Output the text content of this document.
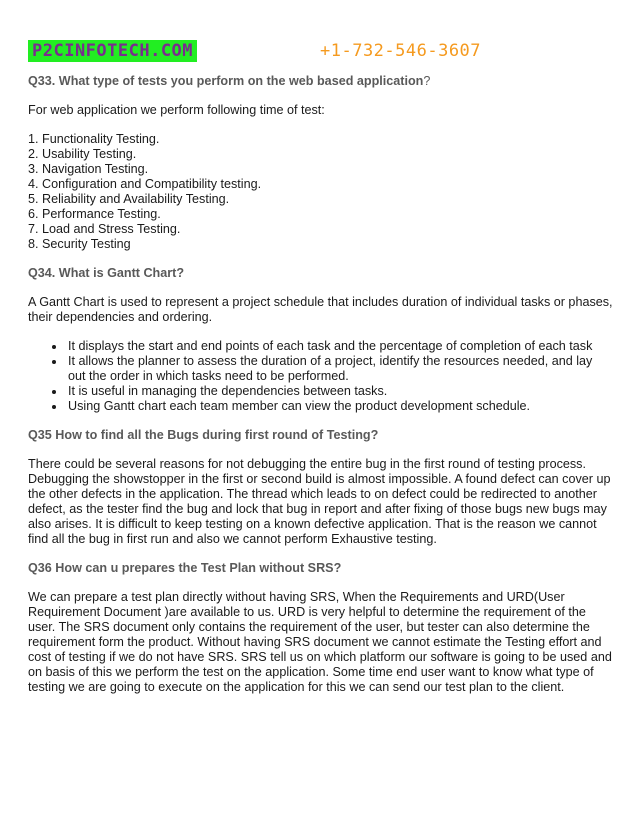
P2CINFOTECH.COM	+1-732-546-3607
Q33. What type of tests you perform on the web based application?

For web application we perform following time of test:

1. Functionality Testing.
2. Usability Testing.
3. Navigation Testing.
4. Configuration and Compatibility testing.
5. Reliability and Availability Testing.
6. Performance Testing.
7. Load and Stress Testing.
8. Security Testing
Q34. What is Gantt Chart?

A Gantt Chart is used to represent a project schedule that includes duration of individual tasks or phases, their dependencies and ordering.

• It displays the start and end points of each task and the percentage of completion of each task
• It allows the planner to assess the duration of a project, identify the resources needed, and lay out the order in which tasks need to be performed.
• It is useful in managing the dependencies between tasks.
• Using Gantt chart each team member can view the product development schedule.
Q35 How to find all the Bugs during first round of Testing?

There could be several reasons for not debugging the entire bug in the first round of testing process. Debugging the showstopper in the first or second build is almost impossible. A found defect can cover up the other defects in the application. The thread which leads to on defect could be redirected to another defect, as the tester find the bug and lock that bug in report and after fixing of those bugs new bugs may also arises. It is difficult to keep testing on a known defective application. That is the reason we cannot find all the bug in first run and also we cannot perform Exhaustive testing.

Q36 How can u prepares the Test Plan without SRS?

We can prepare a test plan directly without having SRS, When the Requirements and URD(User Requirement Document )are available to us. URD is very helpful to determine the requirement of the user. The SRS document only contains the requirement of the user, but tester can also determine the requirement form the product. Without having SRS document we cannot estimate the Testing effort and cost of testing if we do not have SRS. SRS tell us on which platform our software is going to be used and on basis of this we perform the test on the application. Some time end user want to know what type of testing we are going to execute on the application for this we can send our test plan to the client.
